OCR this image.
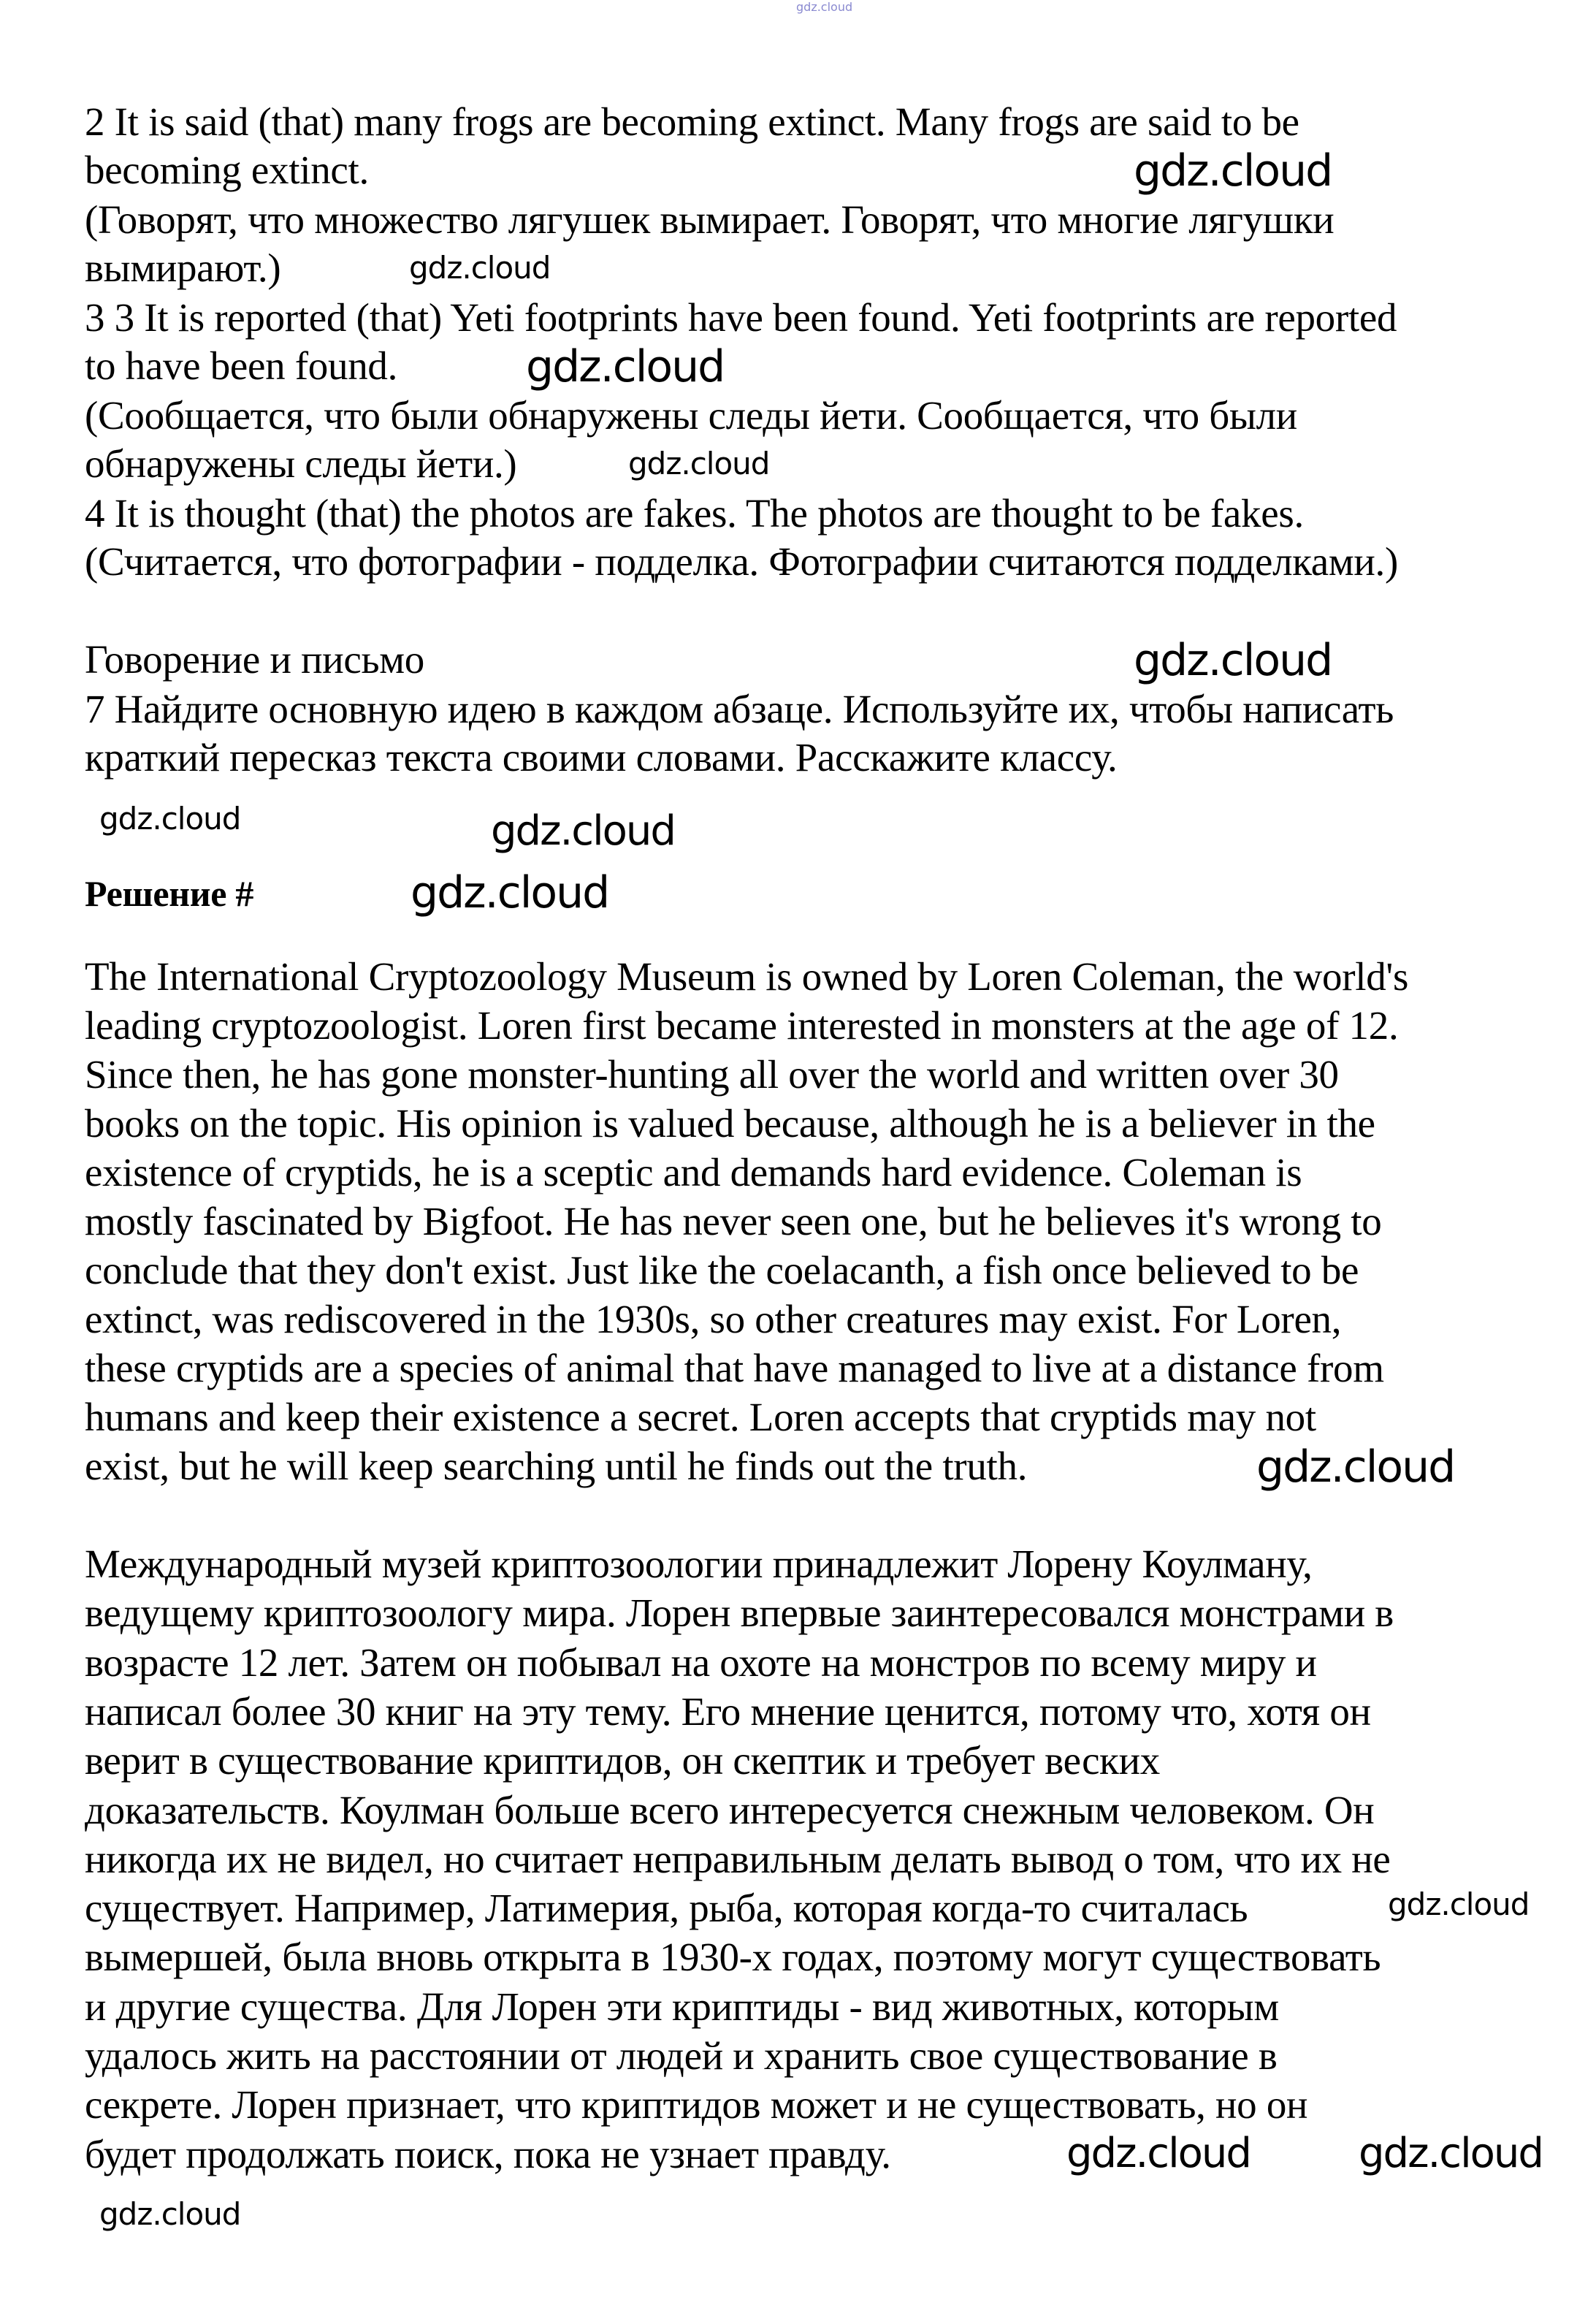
2 It is said (that) many frogs are becoming extinct. Many frogs are said to be
becoming extinct.
(Говорят, что множество лягушек вымирает. Говорят, что многие лягушки
вымирают.)
3 3 It is reported (that) Yeti footprints have been found. Yeti footprints are reported
to have been found.
(Сообщается, что были обнаружены следы йети. Сообщается, что были
обнаружены следы йети.)
4 It is thought (that) the photos are fakes. The photos are thought to be fakes.
(Считается, что фотографии - подделка. Фотографии считаются подделками.)
Говорение и письмо
7 Найдите основную идею в каждом абзаце. Используйте их, чтобы написать
краткий пересказ текста своими словами. Расскажите классу.
Решение #
The International Cryptozoology Museum is owned by Loren Coleman, the world's
leading cryptozoologist. Loren first became interested in monsters at the age of 12.
Since then, he has gone monster-hunting all over the world and written over 30
books on the topic. His opinion is valued because, although he is a believer in the
existence of cryptids, he is a sceptic and demands hard evidence. Coleman is
mostly fascinated by Bigfoot. He has never seen one, but he believes it's wrong to
conclude that they don't exist. Just like the coelacanth, a fish once believed to be
extinct, was rediscovered in the 1930s, so other creatures may exist. For Loren,
these cryptids are a species of animal that have managed to live at a distance from
humans and keep their existence a secret. Loren accepts that cryptids may not
exist, but he will keep searching until he finds out the truth.
Международный музей криптозоологии принадлежит Лорену Коулману,
ведущему криптозоологу мира. Лорен впервые заинтересовался монстрами в
возрасте 12 лет. Затем он побывал на охоте на монстров по всему миру и
написал более 30 книг на эту тему. Его мнение ценится, потому что, хотя он
верит в существование криптидов, он скептик и требует веских
доказательств. Коулман больше всего интересуется снежным человеком. Он
никогда их не видел, но считает неправильным делать вывод о том, что их не
существует. Например, Латимерия, рыба, которая когда-то считалась
вымершей, была вновь открыта в 1930-х годах, поэтому могут существовать
и другие существа. Для Лорен эти криптиды - вид животных, которым
удалось жить на расстоянии от людей и хранить свое существование в
секрете. Лорен признает, что криптидов может и не существовать, но он
будет продолжать поиск, пока не узнает правду.
gdz.cloud
gdz.cloud
gdz.cloud
gdz.cloud
gdz.cloud
gdz.cloud
gdz.cloud	gdz.cloud
gdz.cloud
gdz.cloud
gdz.cloud
gdz.cloud	gdz.cloud
gdz.cloud
